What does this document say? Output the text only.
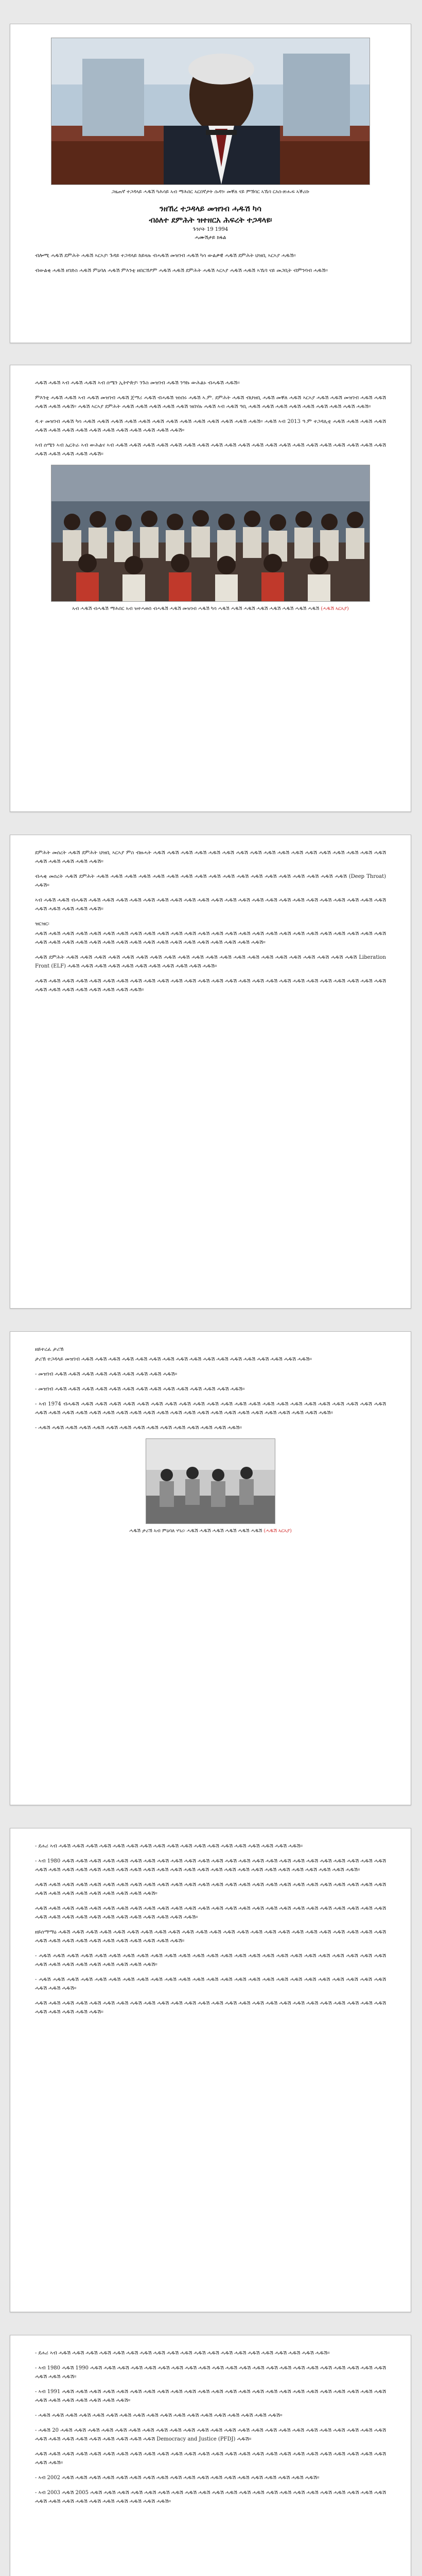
ጋዜጠኛ ተጋዳላይ ሓዱሽ ካሕሳይ ኣብ ማሕበር ኣርበኛታት ሱዳን፡ መቐለ ናይ ምኽባር ኣኼባ ርእሰ-ጽሑፍ ኣቕሪቡ
ንዘኸረ ተጋዳላይ መዝገብ ሓዱሽ ካሳ
ብዕለተ ደምሕት ዝተዘርአ ሕፍረት ተጋዳላዩ፡
ጉንቦት 19 1994
ሓሙሽታይ ክፋል

ብሎሚ ሓዱሽ ደምሕት ሓዱሽ ኣርኣያ፡ ጉዳይ ተጋዳላይ ከይዛሉ ብሓዱሽ መዝገብ ሓዱሽ ካሳ ውልቃዊ ሓዱሽ ደምሕት ህዝቢ ኣርኣያ ሓዱሽ።

ብውልቂ ሓዱሽ ዘገድስ ሓዱሽ ምዕባለ ሓዱሽ ምእንቲ ዘበርኸዖም ሓዱሽ ሓዱሽ ደምሕት ሓዱሽ ኣርኣያ ሓዱሽ ሓዱሽ ኣኼባ ናይ መጋቢት ብምንባብ ሓዱሽ።

ሓዱሽ ሓዱሽ ኣብ ሓዱሽ ሓዱሽ ኣብ ሰሜን ኢትዮጵያ፡ ንጉስ መዝገብ ሓዱሽ ንዓኩ ውሕልኑ ብሓዱሽ ሓዱሽ።

ምእንቲ ሓዱሽ ሓዱሽ ኣብ ሓዱሽ መዝገብ ሓዱሽ ጀማሪ ሓዱሽ ብሓዱሽ ዝነበሩ ሓዱሽ ኣ.ም. ደምሕት ሓዱሽ ብህዝቢ ሓዱሽ መቐለ ሓዱሽ ኣርኣያ ሓዱሽ ሓዱሽ መዝገብ ሓዱሽ ሓዱሽ ሓዱሽ ሓዱሽ ሓዱሽ። ሓዱሽ ኣርኣያ ደምሕት ሓዱሽ ሓዱሽ ሓዱሽ ሓዱሽ ሓዱሽ ዝበሃሉ ሓዱሽ ኣብ ሓዱሽ ዓቢ ሓዱሽ ሓዱሽ ሓዱሽ ሓዱሽ ሓዱሽ ሓዱሽ ሓዱሽ ሓዱሽ ሓዱሽ።

ዳ.ተ መዝገብ ሓዱሽ ካሳ ሓዱሽ ሓዱሽ ሓዱሽ ሓዱሽ ሓዱሽ ሓዱሽ ሓዱሽ ሓዱሽ ሓዱሽ ሓዱሽ ሓዱሽ ሓዱሽ ሓዱሽ። ሓዱሽ ኣብ 2013 ዓ.ም ተጋዳሊቲ ሓዱሽ ሓዱሽ ሓዱሽ ሓዱሽ ሓዱሽ ሓዱሽ ሓዱሽ ሓዱሽ ሓዱሽ ሓዱሽ ሓዱሽ ሓዱሽ ሓዱሽ ሓዱሽ ሓዱሽ።

ኣብ ሰሜን ኣብ ኤርትራ ኣብ ውሕልና ኣብ ሓዱሽ ሓዱሽ ሓዱሽ ሓዱሽ ሓዱሽ ሓዱሽ ሓዱሽ ሓዱሽ ሓዱሽ ሓዱሽ ሓዱሽ ሓዱሽ ሓዱሽ ሓዱሽ ሓዱሽ ሓዱሽ ሓዱሽ ሓዱሽ ሓዱሽ ሓዱሽ ሓዱሽ ሓዱሽ ሓዱሽ ሓዱሽ ሓዱሽ።

ኣብ ሓዱሽ ብሓዱሽ ማሕበር ኣብ ዝተሓወሰ ብሓዱሽ ሓዱሽ መዝገብ ሓዱሽ ካሳ ሓዱሽ ሓዱሽ ሓዱሽ ሓዱሽ ሓዱሽ ሓዱሽ ሓዱሽ ሓዱሽ (ሓዱሽ ኣርኣያ)

ደምሕት መሰረት ሓዱሽ ደምሕት ህዝቢ ኣርኣያ ምስ ብዙሓት ሓዱሽ ሓዱሽ ሓዱሽ ሓዱሽ ሓዱሽ ሓዱሽ ሓዱሽ ሓዱሽ ሓዱሽ ሓዱሽ ሓዱሽ ሓዱሽ ሓዱሽ ሓዱሽ ሓዱሽ ሓዱሽ ሓዱሽ ሓዱሽ ሓዱሽ ሓዱሽ ሓዱሽ ሓዱሽ።

ብሓቂ መሰረት ሓዱሽ ደምሕት ሓዱሽ ሓዱሽ ሓዱሽ ሓዱሽ ሓዱሽ ሓዱሽ ሓዱሽ ሓዱሽ ሓዱሽ ሓዱሽ ሓዱሽ ሓዱሽ ሓዱሽ ሓዱሽ ሓዱሽ ሓዱሽ ሓዱሽ ሓዱሽ (Deep Throat) ሓዱሽ።

ኣብ ሓዱሽ ሓዱሽ ብሓዱሽ ሓዱሽ ሓዱሽ ሓዱሽ ሓዱሽ ሓዱሽ ሓዱሽ ሓዱሽ ሓዱሽ ሓዱሽ ሓዱሽ ሓዱሽ ሓዱሽ ሓዱሽ ሓዱሽ ሓዱሽ ሓዱሽ ሓዱሽ ሓዱሽ ሓዱሽ ሓዱሽ ሓዱሽ ሓዱሽ ሓዱሽ ሓዱሽ ሓዱሽ ሓዱሽ ሓዱሽ።

ዝርዝር፡

ሓዱሽ ሓዱሽ ሓዱሽ ሓዱሽ ሓዱሽ ሓዱሽ ሓዱሽ ሓዱሽ ሓዱሽ ሓዱሽ ሓዱሽ ሓዱሽ ሓዱሽ ሓዱሽ ሓዱሽ ሓዱሽ ሓዱሽ ሓዱሽ ሓዱሽ ሓዱሽ ሓዱሽ ሓዱሽ ሓዱሽ ሓዱሽ ሓዱሽ ሓዱሽ ሓዱሽ ሓዱሽ ሓዱሽ ሓዱሽ ሓዱሽ ሓዱሽ ሓዱሽ ሓዱሽ ሓዱሽ ሓዱሽ ሓዱሽ ሓዱሽ ሓዱሽ ሓዱሽ ሓዱሽ ሓዱሽ ሓዱሽ።

ሓዱሽ ደምሕት ሓዱሽ ሓዱሽ ሓዱሽ ሓዱሽ ሓዱሽ ሓዱሽ ሓዱሽ ሓዱሽ ሓዱሽ ሓዱሽ ሓዱሽ ሓዱሽ ሓዱሽ ሓዱሽ ሓዱሽ ሓዱሽ ሓዱሽ ሓዱሽ ሓዱሽ ሓዱሽ ሓዱሽ Liberation Front (ELF) ሓዱሽ ሓዱሽ ሓዱሽ ሓዱሽ ሓዱሽ ሓዱሽ ሓዱሽ ሓዱሽ ሓዱሽ ሓዱሽ ሓዱሽ።

ሓዱሽ ሓዱሽ ሓዱሽ ሓዱሽ ሓዱሽ ሓዱሽ ሓዱሽ ሓዱሽ ሓዱሽ ሓዱሽ ሓዱሽ ሓዱሽ ሓዱሽ ሓዱሽ ሓዱሽ ሓዱሽ ሓዱሽ ሓዱሽ ሓዱሽ ሓዱሽ ሓዱሽ ሓዱሽ ሓዱሽ ሓዱሽ ሓዱሽ ሓዱሽ ሓዱሽ ሓዱሽ ሓዱሽ ሓዱሽ ሓዱሽ ሓዱሽ ሓዱሽ ሓዱሽ።

ዘይተረፈ ታሪኽ

ታሪኽ ተጋዳላይ መዝገብ ሓዱሽ ሓዱሽ ሓዱሽ ሓዱሽ ሓዱሽ ሓዱሽ ሓዱሽ ሓዱሽ ሓዱሽ ሓዱሽ ሓዱሽ ሓዱሽ ሓዱሽ ሓዱሽ ሓዱሽ ሓዱሽ ሓዱሽ።

- መዝገብ ሓዱሽ ሓዱሽ ሓዱሽ ሓዱሽ ሓዱሽ ሓዱሽ ሓዱሽ ሓዱሽ ሓዱሽ።

- መዝገብ ሓዱሽ ሓዱሽ ሓዱሽ ሓዱሽ ሓዱሽ ሓዱሽ ሓዱሽ ሓዱሽ ሓዱሽ ሓዱሽ ሓዱሽ ሓዱሽ ሓዱሽ ሓዱሽ።

- ኣብ 1974 ብሓዱሽ ሓዱሽ ሓዱሽ ሓዱሽ ሓዱሽ ሓዱሽ ሓዱሽ ሓዱሽ ሓዱሽ ሓዱሽ ሓዱሽ ሓዱሽ ሓዱሽ ሓዱሽ ሓዱሽ ሓዱሽ ሓዱሽ ሓዱሽ ሓዱሽ ሓዱሽ ሓዱሽ ሓዱሽ ሓዱሽ ሓዱሽ ሓዱሽ ሓዱሽ ሓዱሽ ሓዱሽ ሓዱሽ ሓዱሽ ሓዱሽ ሓዱሽ ሓዱሽ ሓዱሽ ሓዱሽ ሓዱሽ ሓዱሽ ሓዱሽ ሓዱሽ ሓዱሽ ሓዱሽ ሓዱሽ ሓዱሽ ሓዱሽ ሓዱሽ።

- ሓዱሽ ሓዱሽ ሓዱሽ ሓዱሽ ሓዱሽ ሓዱሽ ሓዱሽ ሓዱሽ ሓዱሽ ሓዱሽ ሓዱሽ ሓዱሽ ሓዱሽ ሓዱሽ ሓዱሽ።

ሓዱሽ ታሪኽ ኣብ ምዕባለ ሃገሪ፡ ሓዱሽ ሓዱሽ ሓዱሽ ሓዱሽ ሓዱሽ ሓዱሽ (ሓዱሽ ኣርኣያ)

- ደሐሪ ኣብ ሓዱሽ ሓዱሽ ሓዱሽ ሓዱሽ ሓዱሽ ሓዱሽ ሓዱሽ ሓዱሽ ሓዱሽ ሓዱሽ ሓዱሽ ሓዱሽ ሓዱሽ ሓዱሽ ሓዱሽ ሓዱሽ ሓዱሽ ሓዱሽ።

- ኣብ 1980 ሓዱሽ ሓዱሽ ሓዱሽ ሓዱሽ ሓዱሽ ሓዱሽ ሓዱሽ ሓዱሽ ሓዱሽ ሓዱሽ ሓዱሽ ሓዱሽ ሓዱሽ ሓዱሽ ሓዱሽ ሓዱሽ ሓዱሽ ሓዱሽ ሓዱሽ ሓዱሽ ሓዱሽ ሓዱሽ ሓዱሽ ሓዱሽ ሓዱሽ ሓዱሽ ሓዱሽ ሓዱሽ ሓዱሽ ሓዱሽ ሓዱሽ ሓዱሽ ሓዱሽ ሓዱሽ ሓዱሽ ሓዱሽ ሓዱሽ ሓዱሽ ሓዱሽ ሓዱሽ ሓዱሽ ሓዱሽ ሓዱሽ ሓዱሽ ሓዱሽ ሓዱሽ ሓዱሽ ሓዱሽ።

ሓዱሽ ሓዱሽ ሓዱሽ ሓዱሽ ሓዱሽ ሓዱሽ ሓዱሽ ሓዱሽ ሓዱሽ ሓዱሽ ሓዱሽ ሓዱሽ ሓዱሽ ሓዱሽ ሓዱሽ ሓዱሽ ሓዱሽ ሓዱሽ ሓዱሽ ሓዱሽ ሓዱሽ ሓዱሽ ሓዱሽ ሓዱሽ ሓዱሽ ሓዱሽ ሓዱሽ ሓዱሽ ሓዱሽ ሓዱሽ ሓዱሽ ሓዱሽ ሓዱሽ ሓዱሽ ሓዱሽ።

ሓዱሽ ሓዱሽ ሓዱሽ ሓዱሽ ሓዱሽ ሓዱሽ ሓዱሽ ሓዱሽ ሓዱሽ ሓዱሽ ሓዱሽ ሓዱሽ ሓዱሽ ሓዱሽ ሓዱሽ ሓዱሽ ሓዱሽ ሓዱሽ ሓዱሽ ሓዱሽ ሓዱሽ ሓዱሽ ሓዱሽ ሓዱሽ ሓዱሽ ሓዱሽ ሓዱሽ ሓዱሽ ሓዱሽ ሓዱሽ ሓዱሽ ሓዱሽ ሓዱሽ ሓዱሽ ሓዱሽ ሓዱሽ ሓዱሽ ሓዱሽ።

ዘይሰማማዕ ሓዱሽ ሓዱሽ ሓዱሽ ሓዱሽ ሓዱሽ ሓዱሽ ሓዱሽ ሓዱሽ ሓዱሽ ሓዱሽ ሓዱሽ ሓዱሽ ሓዱሽ ሓዱሽ ሓዱሽ ሓዱሽ ሓዱሽ ሓዱሽ ሓዱሽ ሓዱሽ ሓዱሽ ሓዱሽ ሓዱሽ ሓዱሽ ሓዱሽ ሓዱሽ ሓዱሽ ሓዱሽ ሓዱሽ ሓዱሽ ሓዱሽ ሓዱሽ ሓዱሽ ሓዱሽ ሓዱሽ።

- ሓዱሽ ሓዱሽ ሓዱሽ ሓዱሽ ሓዱሽ ሓዱሽ ሓዱሽ ሓዱሽ ሓዱሽ ሓዱሽ ሓዱሽ ሓዱሽ ሓዱሽ ሓዱሽ ሓዱሽ ሓዱሽ ሓዱሽ ሓዱሽ ሓዱሽ ሓዱሽ ሓዱሽ ሓዱሽ ሓዱሽ ሓዱሽ ሓዱሽ ሓዱሽ ሓዱሽ ሓዱሽ ሓዱሽ ሓዱሽ ሓዱሽ ሓዱሽ ሓዱሽ ሓዱሽ።

- ሓዱሽ ሓዱሽ ሓዱሽ ሓዱሽ ሓዱሽ ሓዱሽ ሓዱሽ ሓዱሽ ሓዱሽ ሓዱሽ ሓዱሽ ሓዱሽ ሓዱሽ ሓዱሽ ሓዱሽ ሓዱሽ ሓዱሽ ሓዱሽ ሓዱሽ ሓዱሽ ሓዱሽ ሓዱሽ ሓዱሽ ሓዱሽ ሓዱሽ ሓዱሽ ሓዱሽ ሓዱሽ።

ሓዱሽ ሓዱሽ ሓዱሽ ሓዱሽ ሓዱሽ ሓዱሽ ሓዱሽ ሓዱሽ ሓዱሽ ሓዱሽ ሓዱሽ ሓዱሽ ሓዱሽ ሓዱሽ ሓዱሽ ሓዱሽ ሓዱሽ ሓዱሽ ሓዱሽ ሓዱሽ ሓዱሽ ሓዱሽ ሓዱሽ ሓዱሽ ሓዱሽ ሓዱሽ ሓዱሽ ሓዱሽ ሓዱሽ ሓዱሽ ሓዱሽ።

- ደሐሪ ኣብ ሓዱሽ ሓዱሽ ሓዱሽ ሓዱሽ ሓዱሽ ሓዱሽ ሓዱሽ ሓዱሽ ሓዱሽ ሓዱሽ ሓዱሽ ሓዱሽ ሓዱሽ ሓዱሽ ሓዱሽ ሓዱሽ ሓዱሽ ሓዱሽ ሓዱሽ ሓዱሽ።

- ኣብ 1980 ሓዱሽ 1990 ሓዱሽ ሓዱሽ ሓዱሽ ሓዱሽ ሓዱሽ ሓዱሽ ሓዱሽ ሓዱሽ ሓዱሽ ሓዱሽ ሓዱሽ ሓዱሽ ሓዱሽ ሓዱሽ ሓዱሽ ሓዱሽ ሓዱሽ ሓዱሽ ሓዱሽ ሓዱሽ ሓዱሽ ሓዱሽ ሓዱሽ ሓዱሽ ሓዱሽ።

- ኣብ 1991 ሓዱሽ ሓዱሽ ሓዱሽ ሓዱሽ ሓዱሽ ሓዱሽ ሓዱሽ ሓዱሽ ሓዱሽ ሓዱሽ ሓዱሽ ሓዱሽ ሓዱሽ ሓዱሽ ሓዱሽ ሓዱሽ ሓዱሽ ሓዱሽ ሓዱሽ ሓዱሽ ሓዱሽ ሓዱሽ ሓዱሽ ሓዱሽ ሓዱሽ ሓዱሽ ሓዱሽ ሓዱሽ ሓዱሽ ሓዱሽ ሓዱሽ።

- ሓዱሽ ሓዱሽ ሓዱሽ ሓዱሽ ሓዱሽ ሓዱሽ ሓዱሽ ሓዱሽ ሓዱሽ ሓዱሽ ሓዱሽ ሓዱሽ ሓዱሽ ሓዱሽ ሓዱሽ ሓዱሽ ሓዱሽ ሓዱሽ።

- ሓዱሽ 20 ሓዱሽ ሓዱሽ ሓዱሽ ሓዱሽ ሓዱሽ ሓዱሽ ሓዱሽ ሓዱሽ ሓዱሽ ሓዱሽ ሓዱሽ ሓዱሽ ሓዱሽ ሓዱሽ ሓዱሽ ሓዱሽ ሓዱሽ ሓዱሽ ሓዱሽ ሓዱሽ ሓዱሽ ሓዱሽ ሓዱሽ ሓዱሽ ሓዱሽ ሓዱሽ ሓዱሽ ሓዱሽ ሓዱሽ ሓዱሽ ሓዱሽ ሓዱሽ ሓዱሽ Democracy and Justice (PFDJ) ሓዱሽ።

ሓዱሽ ሓዱሽ ሓዱሽ ሓዱሽ ሓዱሽ ሓዱሽ ሓዱሽ ሓዱሽ ሓዱሽ ሓዱሽ ሓዱሽ ሓዱሽ ሓዱሽ ሓዱሽ ሓዱሽ ሓዱሽ ሓዱሽ ሓዱሽ ሓዱሽ ሓዱሽ ሓዱሽ ሓዱሽ ሓዱሽ ሓዱሽ ሓዱሽ ሓዱሽ ሓዱሽ ሓዱሽ።

- ኣብ 2002 ሓዱሽ ሓዱሽ ሓዱሽ ሓዱሽ ሓዱሽ ሓዱሽ ሓዱሽ ሓዱሽ ሓዱሽ ሓዱሽ ሓዱሽ ሓዱሽ ሓዱሽ ሓዱሽ ሓዱሽ ሓዱሽ ሓዱሽ ሓዱሽ ሓዱሽ።

- ኣብ 2003 ሓዱሽ 2005 ሓዱሽ ሓዱሽ ሓዱሽ ሓዱሽ ሓዱሽ ሓዱሽ ሓዱሽ ሓዱሽ ሓዱሽ ሓዱሽ ሓዱሽ ሓዱሽ ሓዱሽ ሓዱሽ ሓዱሽ ሓዱሽ ሓዱሽ ሓዱሽ ሓዱሽ ሓዱሽ ሓዱሽ ሓዱሽ ሓዱሽ ሓዱሽ ሓዱሽ ሓዱሽ ሓዱሽ ሓዱሽ ሓዱሽ ሓዱሽ ሓዱሽ ሓዱሽ።
